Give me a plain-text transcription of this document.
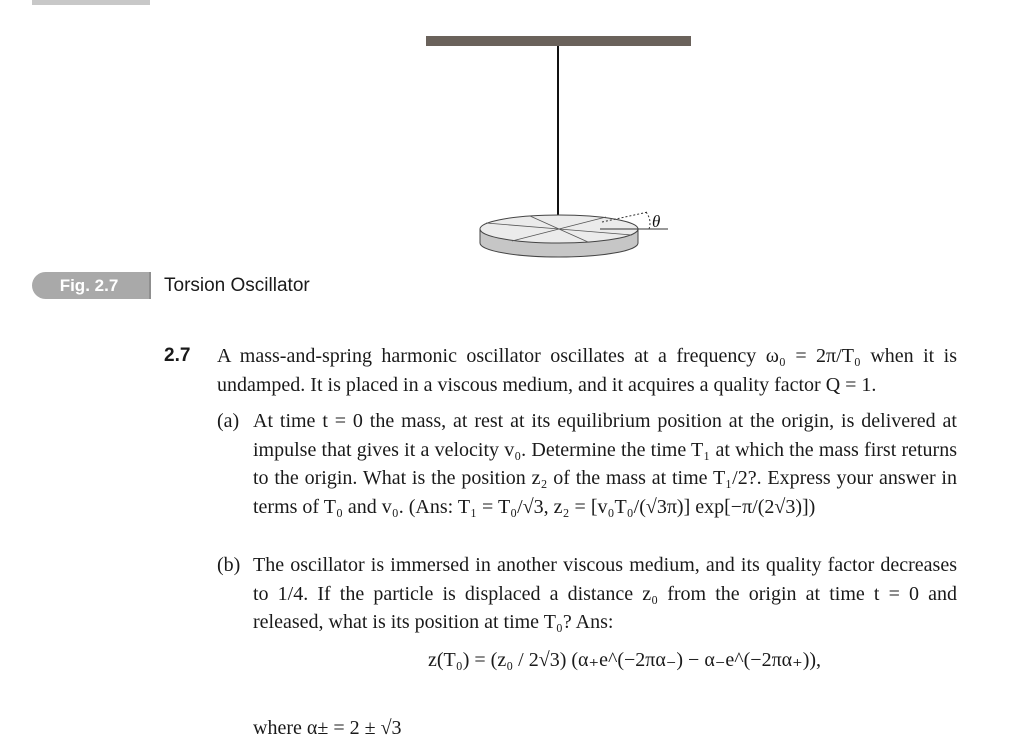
θ
Fig. 2.7	Torsion Oscillator
2.7 A mass-and-spring harmonic oscillator oscillates at a frequency ω₀ = 2π/T₀ when it is undamped. It is placed in a viscous medium, and it acquires a quality factor Q = 1.
(a) At time t = 0 the mass, at rest at its equilibrium position at the origin, is delivered at impulse that gives it a velocity v₀. Determine the time T₁ at which the mass first returns to the origin. What is the position z₂ of the mass at time T₁/2?. Express your answer in terms of T₀ and v₀. (Ans: T₁ = T₀/√3, z₂ = [v₀T₀/(√3π)] exp[−π/(2√3)])
(b) The oscillator is immersed in another viscous medium, and its quality factor decreases to 1/4. If the particle is displaced a distance z₀ from the origin at time t = 0 and released, what is its position at time T₀? Ans:
z(T₀) = (z₀ / 2√3) (α₊e^(−2πα₋) − α₋e^(−2πα₊)),
where α± = 2 ± √3
